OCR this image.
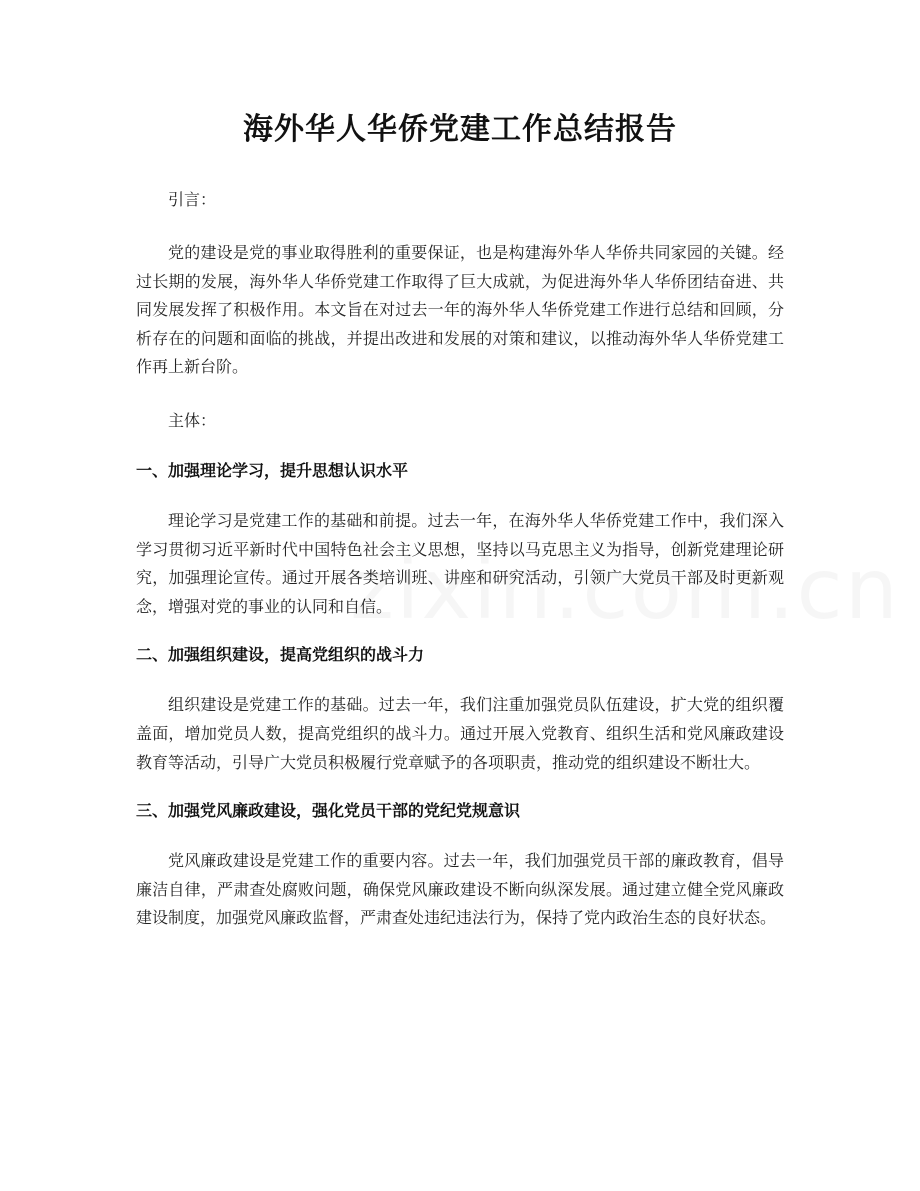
海外华人华侨党建工作总结报告

引言：

党的建设是党的事业取得胜利的重要保证，也是构建海外华人华侨共同家园的关键。经过长期的发展，海外华人华侨党建工作取得了巨大成就，为促进海外华人华侨团结奋进、共同发展发挥了积极作用。本文旨在对过去一年的海外华人华侨党建工作进行总结和回顾，分析存在的问题和面临的挑战，并提出改进和发展的对策和建议，以推动海外华人华侨党建工作再上新台阶。

主体：

一、加强理论学习，提升思想认识水平

理论学习是党建工作的基础和前提。过去一年，在海外华人华侨党建工作中，我们深入学习贯彻习近平新时代中国特色社会主义思想，坚持以马克思主义为指导，创新党建理论研究，加强理论宣传。通过开展各类培训班、讲座和研究活动，引领广大党员干部及时更新观念，增强对党的事业的认同和自信。

二、加强组织建设，提高党组织的战斗力

组织建设是党建工作的基础。过去一年，我们注重加强党员队伍建设，扩大党的组织覆盖面，增加党员人数，提高党组织的战斗力。通过开展入党教育、组织生活和党风廉政建设教育等活动，引导广大党员积极履行党章赋予的各项职责，推动党的组织建设不断壮大。

三、加强党风廉政建设，强化党员干部的党纪党规意识

党风廉政建设是党建工作的重要内容。过去一年，我们加强党员干部的廉政教育，倡导廉洁自律，严肃查处腐败问题，确保党风廉政建设不断向纵深发展。通过建立健全党风廉政建设制度，加强党风廉政监督，严肃查处违纪违法行为，保持了党内政治生态的良好状态。
